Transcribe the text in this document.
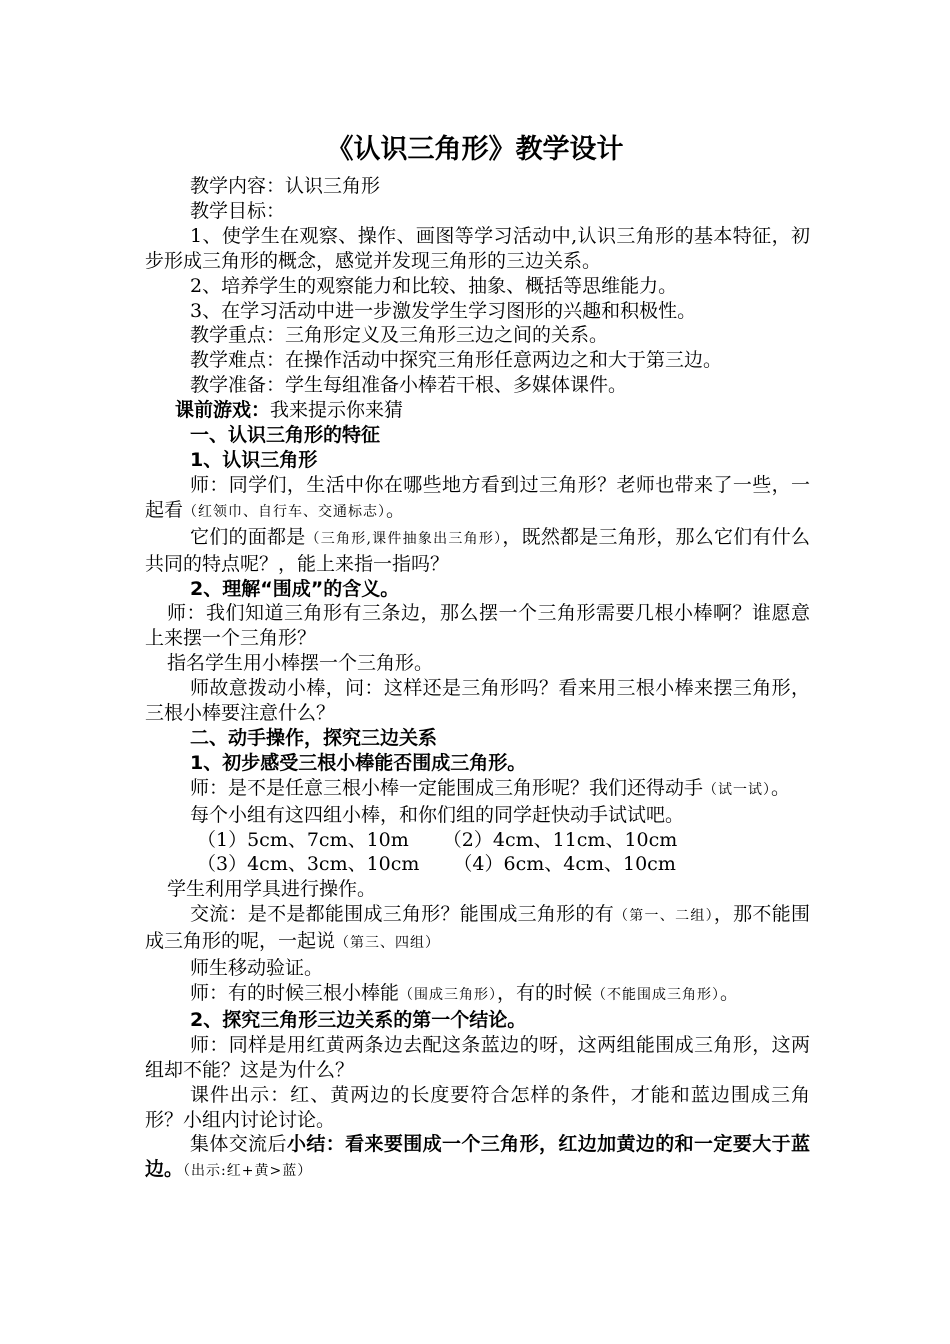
《认识三角形》教学设计

教学内容：认识三角形

教学目标：

1、使学生在观察、操作、画图等学习活动中,认识三角形的基本特征，初步形成三角形的概念，感觉并发现三角形的三边关系。

2、培养学生的观察能力和比较、抽象、概括等思维能力。

3、在学习活动中进一步激发学生学习图形的兴趣和积极性。

教学重点：三角形定义及三角形三边之间的关系。

教学难点：在操作活动中探究三角形任意两边之和大于第三边。

教学准备：学生每组准备小棒若干根、多媒体课件。

课前游戏：我来提示你来猜

一、认识三角形的特征

1、认识三角形

师：同学们，生活中你在哪些地方看到过三角形？老师也带来了一些，一起看（红领巾、自行车、交通标志）。

它们的面都是（三角形,课件抽象出三角形），既然都是三角形，那么它们有什么共同的特点呢？，能上来指一指吗？

2、理解“围成”的含义。

师：我们知道三角形有三条边，那么摆一个三角形需要几根小棒啊？谁愿意上来摆一个三角形？

指名学生用小棒摆一个三角形。

师故意拨动小棒，问：这样还是三角形吗？看来用三根小棒来摆三角形，三根小棒要注意什么？

二、动手操作，探究三边关系

1、初步感受三根小棒能否围成三角形。

师：是不是任意三根小棒一定能围成三角形呢？我们还得动手（试一试）。

每个小组有这四组小棒，和你们组的同学赶快动手试试吧。

（1）5cm、7cm、10m （2）4cm、11cm、10cm

（3）4cm、3cm、10cm （4）6cm、4cm、10cm

学生利用学具进行操作。

交流：是不是都能围成三角形？能围成三角形的有（第一、二组），那不能围成三角形的呢，一起说（第三、四组）

师生移动验证。

师：有的时候三根小棒能（围成三角形），有的时候（不能围成三角形）。

2、探究三角形三边关系的第一个结论。

师：同样是用红黄两条边去配这条蓝边的呀，这两组能围成三角形，这两组却不能？这是为什么？

课件出示：红、黄两边的长度要符合怎样的条件，才能和蓝边围成三角形？小组内讨论讨论。

集体交流后小结：看来要围成一个三角形，红边加黄边的和一定要大于蓝边。（出示:红+黄>蓝）
